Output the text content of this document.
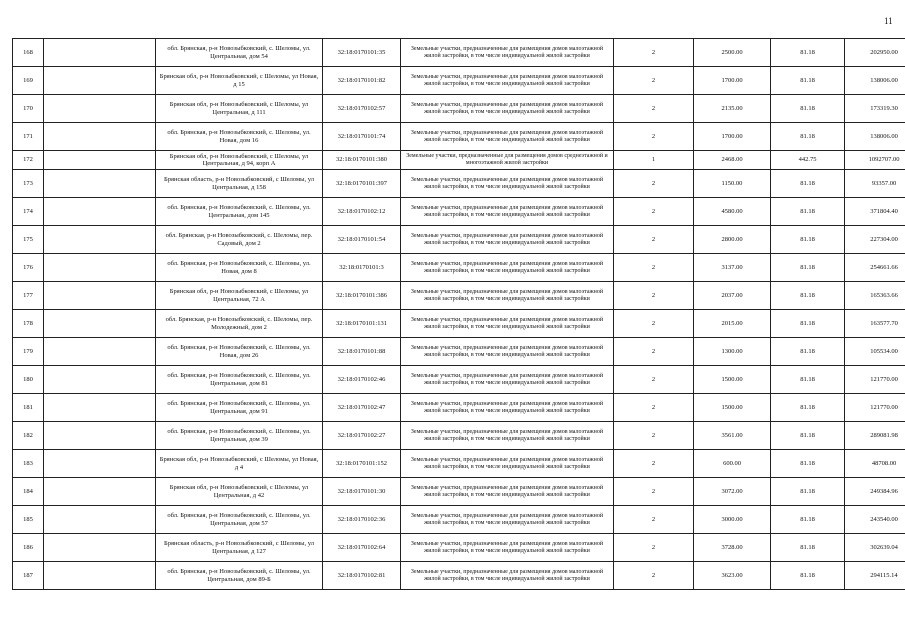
11
168		обл. Брянская, р-н Новозыбковский, с. Шеломы, ул. Центральная, дом 54	32:18:0170101:35	Земельные участки, предназначенные для размещения домов малоэтажной жилой застройки, в том числе индивидуальной жилой застройки	2	2500.00	81.18	202950.00
169		Брянская обл, р-н Новозыбковский, с Шеломы, ул Новая, д 15	32:18:0170101:82	Земельные участки, предназначенные для размещения домов малоэтажной жилой застройки, в том числе индивидуальной жилой застройки	2	1700.00	81.18	138006.00
170		Брянская обл, р-н Новозыбковский, с Шеломы, ул Центральная, д 111	32:18:0170102:57	Земельные участки, предназначенные для размещения домов малоэтажной жилой застройки, в том числе индивидуальной жилой застройки	2	2135.00	81.18	173319.30
171		обл. Брянская, р-н Новозыбковский, с. Шеломы, ул. Новая, дом 16	32:18:0170101:74	Земельные участки, предназначенные для размещения домов малоэтажной жилой застройки, в том числе индивидуальной жилой застройки	2	1700.00	81.18	138006.00
172		Брянская обл, р-н Новозыбковский, с Шеломы, ул Центральная, д 94, корп А	32:18:0170101:380	Земельные участки, предназначенные для размещения домов среднеэтажной и многоэтажной жилой застройки	1	2468.00	442.75	1092707.00
173		Брянская область, р-н Новозыбковский, с Шеломы, ул Центральная, д 158	32:18:0170101:397	Земельные участки, предназначенные для размещения домов малоэтажной жилой застройки, в том числе индивидуальной жилой застройки	2	1150.00	81.18	93357.00
174		обл. Брянская, р-н Новозыбковский, с. Шеломы, ул. Центральная, дом 145	32:18:0170102:12	Земельные участки, предназначенные для размещения домов малоэтажной жилой застройки, в том числе индивидуальной жилой застройки	2	4580.00	81.18	371804.40
175		обл. Брянская, р-н Новозыбковский, с. Шеломы, пер. Садовый, дом 2	32:18:0170101:54	Земельные участки, предназначенные для размещения домов малоэтажной жилой застройки, в том числе индивидуальной жилой застройки	2	2800.00	81.18	227304.00
176		обл. Брянская, р-н Новозыбковский, с. Шеломы, ул. Новая, дом 8	32:18:0170101:3	Земельные участки, предназначенные для размещения домов малоэтажной жилой застройки, в том числе индивидуальной жилой застройки	2	3137.00	81.18	254661.66
177		Брянская обл, р-н Новозыбковский, с Шеломы, ул Центральная, 72 А	32:18:0170101:386	Земельные участки, предназначенные для размещения домов малоэтажной жилой застройки, в том числе индивидуальной жилой застройки	2	2037.00	81.18	165363.66
178		обл. Брянская, р-н Новозыбковский, с. Шеломы, пер. Молодежный, дом 2	32:18:0170101:131	Земельные участки, предназначенные для размещения домов малоэтажной жилой застройки, в том числе индивидуальной жилой застройки	2	2015.00	81.18	163577.70
179		обл. Брянская, р-н Новозыбковский, с. Шеломы, ул. Новая, дом 26	32:18:0170101:88	Земельные участки, предназначенные для размещения домов малоэтажной жилой застройки, в том числе индивидуальной жилой застройки	2	1300.00	81.18	105534.00
180		обл. Брянская, р-н Новозыбковский, с. Шеломы, ул. Центральная, дом 81	32:18:0170102:46	Земельные участки, предназначенные для размещения домов малоэтажной жилой застройки, в том числе индивидуальной жилой застройки	2	1500.00	81.18	121770.00
181		обл. Брянская, р-н Новозыбковский, с. Шеломы, ул. Центральная, дом 91	32:18:0170102:47	Земельные участки, предназначенные для размещения домов малоэтажной жилой застройки, в том числе индивидуальной жилой застройки	2	1500.00	81.18	121770.00
182		обл. Брянская, р-н Новозыбковский, с. Шеломы, ул. Центральная, дом 39	32:18:0170102:27	Земельные участки, предназначенные для размещения домов малоэтажной жилой застройки, в том числе индивидуальной жилой застройки	2	3561.00	81.18	289081.98
183		Брянская обл, р-н Новозыбковский, с Шеломы, ул Новая, д 4	32:18:0170101:152	Земельные участки, предназначенные для размещения домов малоэтажной жилой застройки, в том числе индивидуальной жилой застройки	2	600.00	81.18	48708.00
184		Брянская обл, р-н Новозыбковский, с Шеломы, ул Центральная, д 42	32:18:0170101:30	Земельные участки, предназначенные для размещения домов малоэтажной жилой застройки, в том числе индивидуальной жилой застройки	2	3072.00	81.18	249384.96
185		обл. Брянская, р-н Новозыбковский, с. Шеломы, ул. Центральная, дом 57	32:18:0170102:36	Земельные участки, предназначенные для размещения домов малоэтажной жилой застройки, в том числе индивидуальной жилой застройки	2	3000.00	81.18	243540.00
186		Брянская область, р-н Новозыбковский, с Шеломы, ул Центральная, д 127	32:18:0170102:64	Земельные участки, предназначенные для размещения домов малоэтажной жилой застройки, в том числе индивидуальной жилой застройки	2	3728.00	81.18	302639.04
187		обл. Брянская, р-н Новозыбковский, с. Шеломы, ул. Центральная, дом 89-Б	32:18:0170102:81	Земельные участки, предназначенные для размещения домов малоэтажной жилой застройки, в том числе индивидуальной жилой застройки	2	3623.00	81.18	294115.14
